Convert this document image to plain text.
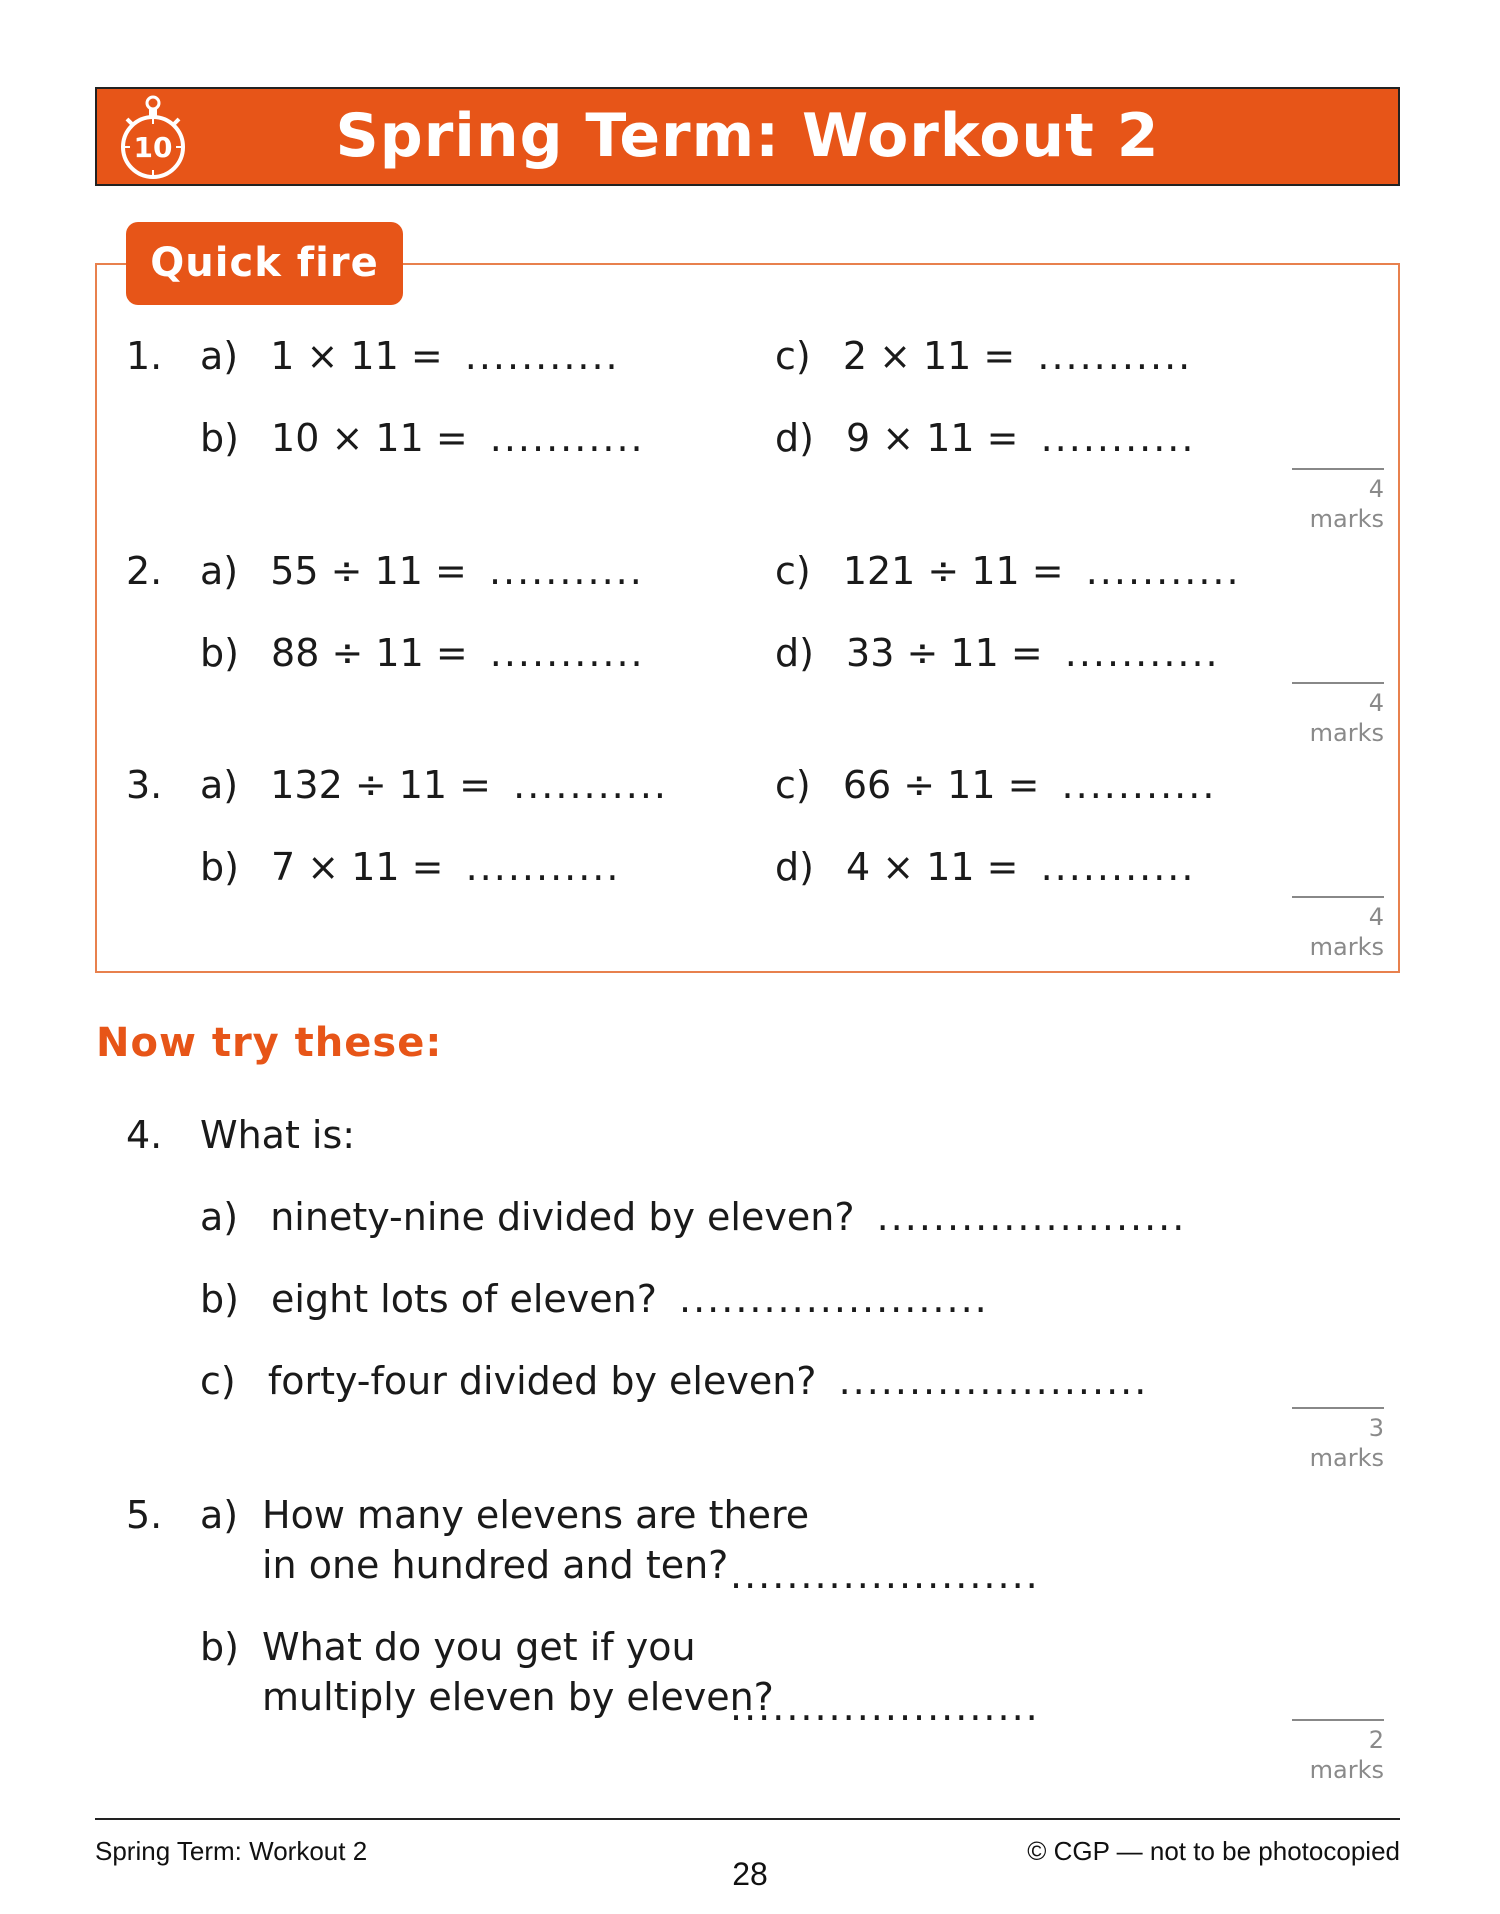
10	Spring Term: Workout 2
Quick fire
1. a) 1 × 11 = ...........	c) 2 × 11 = ...........
b) 10 × 11 = ...........	d) 9 × 11 = ...........
4 marks
2. a) 55 ÷ 11 = ...........	c) 121 ÷ 11 = ...........
b) 88 ÷ 11 = ...........	d) 33 ÷ 11 = ...........
4 marks
3. a) 132 ÷ 11 = ...........	c) 66 ÷ 11 = ...........
b) 7 × 11 = ...........	d) 4 × 11 = ...........
4 marks
Now try these:
4. What is:
a) ninety-nine divided by eleven? ......................
b) eight lots of eleven? ......................
c) forty-four divided by eleven? ......................
3 marks
5. a) How many elevens are there
in one hundred and ten? ......................
b) What do you get if you
multiply eleven by eleven?
......................
2 marks
Spring Term: Workout 2	© CGP — not to be photocopied
28
